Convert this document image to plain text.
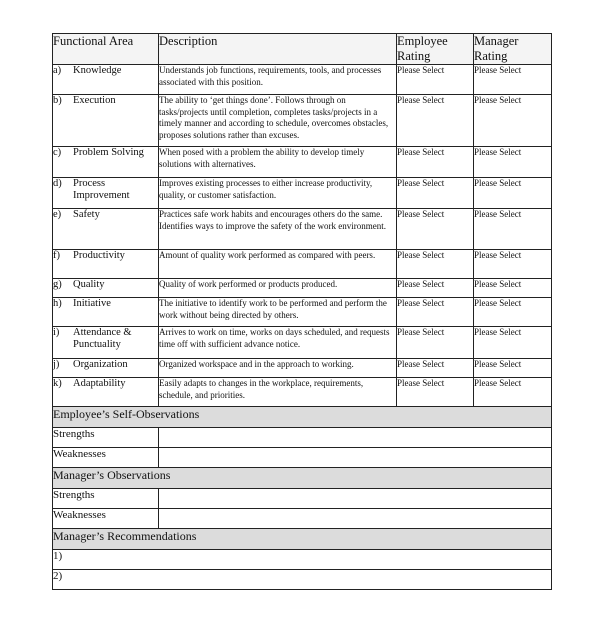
Functional Area	Description	Employee Rating	Manager Rating

a) Knowledge	Understands job functions, requirements, tools, and processes associated with this position.	Please Select	Please Select

b) Execution	The ability to ‘get things done’. Follows through on tasks/projects until completion, completes tasks/projects in a timely manner and according to schedule, overcomes obstacles, proposes solutions rather than excuses.	Please Select	Please Select

c) Problem Solving	When posed with a problem the ability to develop timely solutions with alternatives.	Please Select	Please Select

d) Process Improvement	Improves existing processes to either increase productivity, quality, or customer satisfaction.	Please Select	Please Select

e) Safety	Practices safe work habits and encourages others do the same. Identifies ways to improve the safety of the work environment.	Please Select	Please Select

f) Productivity	Amount of quality work performed as compared with peers.	Please Select	Please Select

g) Quality	Quality of work performed or products produced.	Please Select	Please Select

h) Initiative	The initiative to identify work to be performed and perform the work without being directed by others.	Please Select	Please Select

i) Attendance & Punctuality	Arrives to work on time, works on days scheduled, and requests time off with sufficient advance notice.	Please Select	Please Select

j) Organization	Organized workspace and in the approach to working.	Please Select	Please Select

k) Adaptability	Easily adapts to changes in the workplace, requirements, schedule, and priorities.	Please Select	Please Select
Employee’s Self-Observations			
Strengths			
Weaknesses			
Manager’s Observations			
Strengths			
Weaknesses			
Manager’s Recommendations			
1)			
2)			
